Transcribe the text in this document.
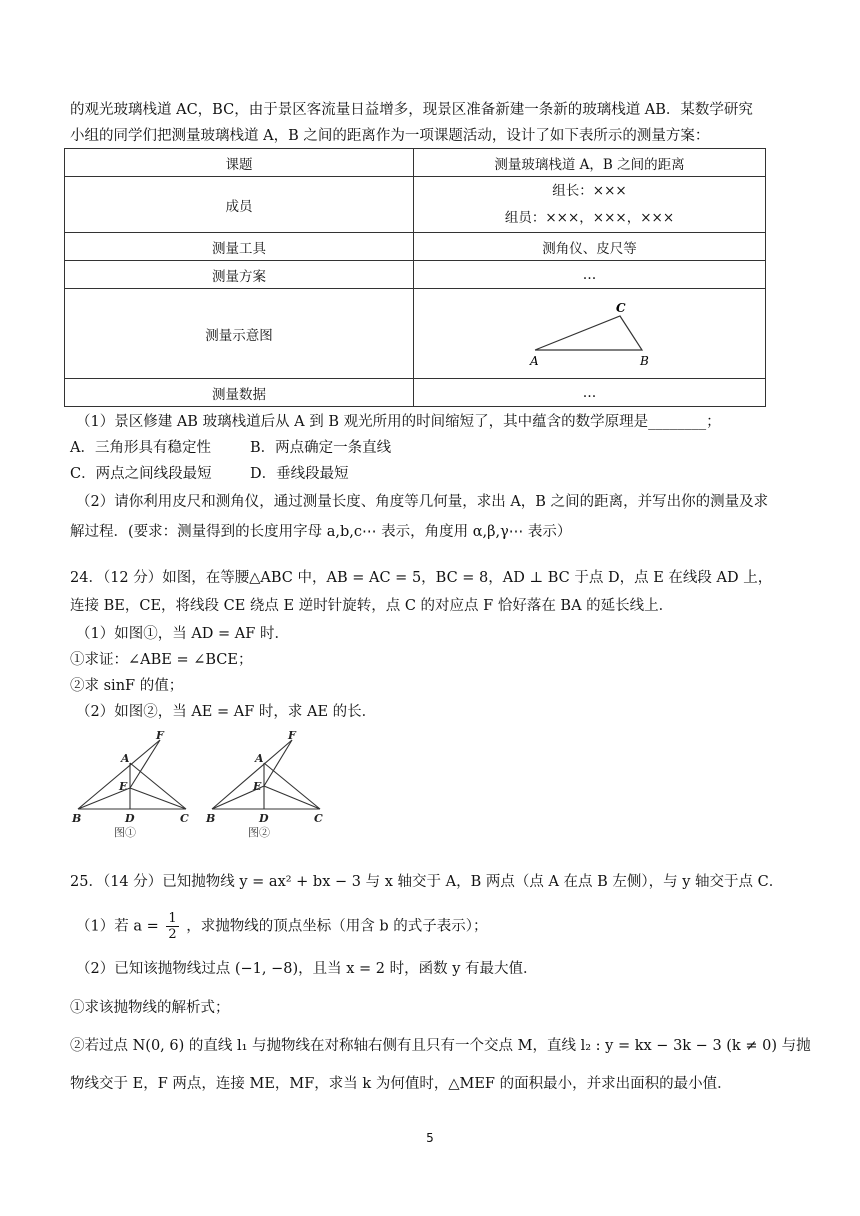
的观光玻璃栈道 AC，BC，由于景区客流量日益增多，现景区准备新建一条新的玻璃栈道 AB．某数学研究
小组的同学们把测量玻璃栈道 A，B 之间的距离作为一项课题活动，设计了如下表所示的测量方案：
课题	测量玻璃栈道 A，B 之间的距离
成员	组长：×××
组员：×××，×××，×××

测量工具	测角仪、皮尺等
测量方案	…
测量示意图	C
A B

测量数据	…
（1）景区修建 AB 玻璃栈道后从 A 到 B 观光所用的时间缩短了，其中蕴含的数学原理是________；
A．三角形具有稳定性	B．两点确定一条直线
C．两点之间线段最短	D．垂线段最短
（2）请你利用皮尺和测角仪，通过测量长度、角度等几何量，求出 A，B 之间的距离，并写出你的测量及求
解过程．(要求：测量得到的长度用字母 a,b,c⋯ 表示，角度用 α,β,γ⋯ 表示）
24．（12 分）如图，在等腰△ABC 中，AB = AC = 5，BC = 8，AD ⊥ BC 于点 D，点 E 在线段 AD 上，
连接 BE，CE，将线段 CE 绕点 E 逆时针旋转，点 C 的对应点 F 恰好落在 BA 的延长线上．
（1）如图①，当 AD = AF 时．
①求证：∠ABE = ∠BCE；
②求 sinF 的值；
（2）如图②，当 AE = AF 时，求 AE 的长．
F
A
E
B	D	C
图①
F
A
E
B	D	C
图②
25．（14 分）已知抛物线 y = ax² + bx − 3 与 x 轴交于 A，B 两点（点 A 在点 B 左侧），与 y 轴交于点 C．
（1）若 $a = \frac{1}{2}$ ，求抛物线的顶点坐标（用含 b 的式子表示）；
（2）已知该抛物线过点 (−1, −8)，且当 x = 2 时，函数 y 有最大值．
①求该抛物线的解析式；
②若过点 N(0, 6) 的直线 l₁ 与抛物线在对称轴右侧有且只有一个交点 M，直线 l₂ : y = kx − 3k − 3 (k ≠ 0) 与抛
物线交于 E，F 两点，连接 ME，MF，求当 k 为何值时，△MEF 的面积最小，并求出面积的最小值．
5
